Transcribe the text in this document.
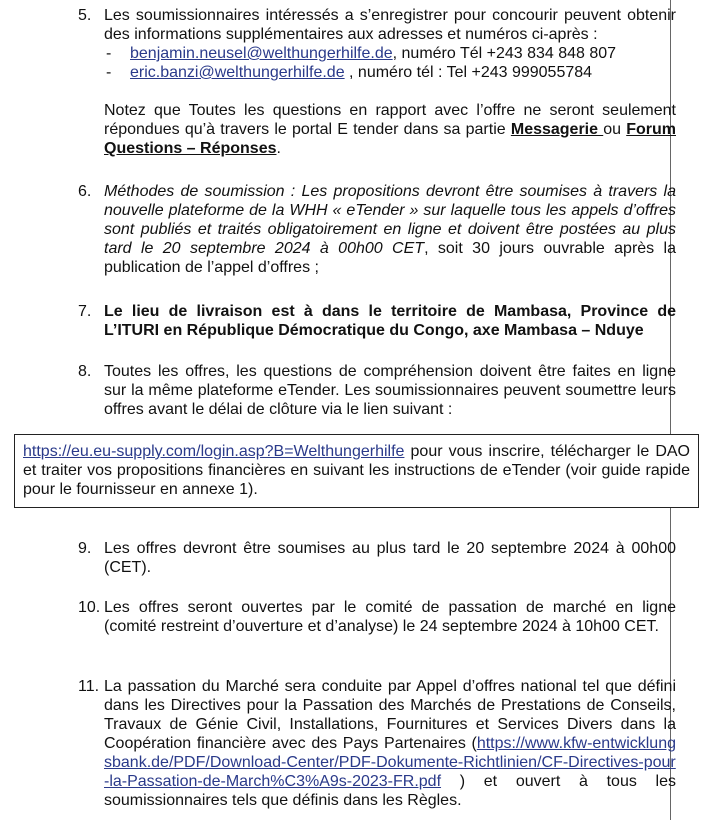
5. Les soumissionnaires intéressés a s’enregistrer pour concourir peuvent obtenir des informations supplémentaires aux adresses et numéros ci-après :
- benjamin.neusel@welthungerhilfe.de, numéro Tél +243 834 848 807
- eric.banzi@welthungerhilfe.de , numéro tél : Tel +243 999055784
Notez que Toutes les questions en rapport avec l’offre ne seront seulement répondues qu’à travers le portal E tender dans sa partie Messagerie ou Forum Questions – Réponses.
6. Méthodes de soumission : Les propositions devront être soumises à travers la nouvelle plateforme de la WHH « eTender » sur laquelle tous les appels d’offres sont publiés et traités obligatoirement en ligne et doivent être postées au plus tard le 20 septembre 2024 à 00h00 CET, soit 30 jours ouvrable après la publication de l’appel d’offres ;
7. Le lieu de livraison est à dans le territoire de Mambasa, Province de L’ITURI en République Démocratique du Congo, axe Mambasa – Nduye
8. Toutes les offres, les questions de compréhension doivent être faites en ligne sur la même plateforme eTender. Les soumissionnaires peuvent soumettre leurs offres avant le délai de clôture via le lien suivant :
https://eu.eu-supply.com/login.asp?B=Welthungerhilfe pour vous inscrire, télécharger le DAO et traiter vos propositions financières en suivant les instructions de eTender (voir guide rapide pour le fournisseur en annexe 1).
9. Les offres devront être soumises au plus tard le 20 septembre 2024 à 00h00 (CET).
10. Les offres seront ouvertes par le comité de passation de marché en ligne (comité restreint d’ouverture et d’analyse) le 24 septembre 2024 à 10h00 CET.
11. La passation du Marché sera conduite par Appel d’offres national tel que défini dans les Directives pour la Passation des Marchés de Prestations de Conseils, Travaux de Génie Civil, Installations, Fournitures et Services Divers dans la Coopération financière avec des Pays Partenaires (https://www.kfw-entwicklungsbank.de/PDF/Download-Center/PDF-Dokumente-Richtlinien/CF-Directives-pour-la-Passation-de-March%C3%A9s-2023-FR.pdf ) et ouvert à tous les soumissionnaires tels que définis dans les Règles.
